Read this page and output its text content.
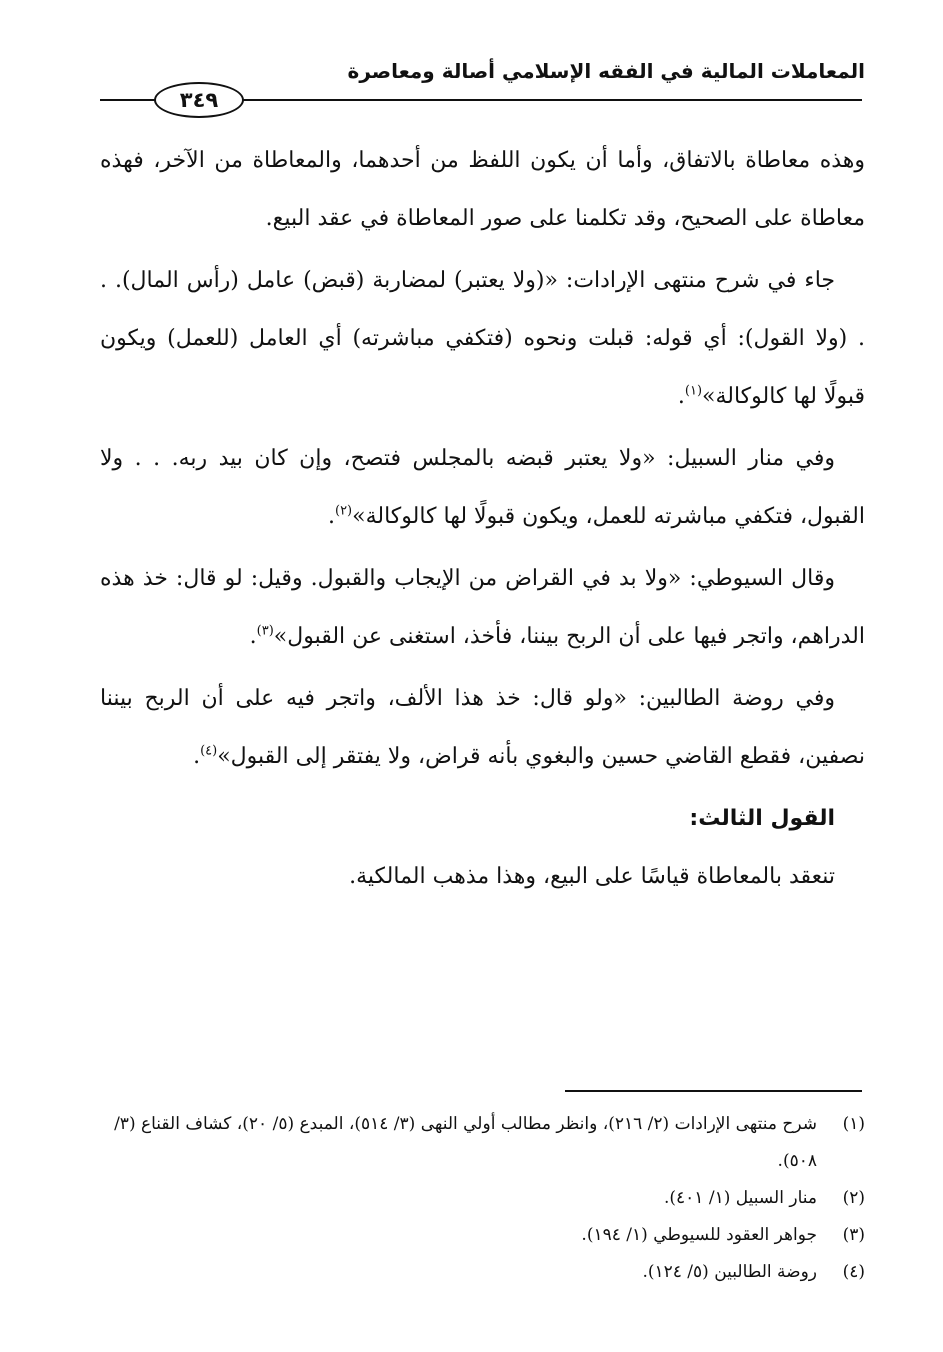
المعاملات المالية في الفقه الإسلامي أصالة ومعاصرة
٣٤٩

وهذه معاطاة بالاتفاق، وأما أن يكون اللفظ من أحدهما، والمعاطاة من الآخر، فهذه معاطاة على الصحيح، وقد تكلمنا على صور المعاطاة في عقد البيع.

جاء في شرح منتهى الإرادات: «(ولا يعتبر) لمضاربة (قبض) عامل (رأس المال). . . (ولا القول): أي قوله: قبلت ونحوه (فتكفي مباشرته) أي العامل (للعمل) ويكون قبولًا لها كالوكالة»$^{(١)}$.

وفي منار السبيل: «ولا يعتبر قبضه بالمجلس فتصح، وإن كان بيد ربه. . . ولا القبول، فتكفي مباشرته للعمل، ويكون قبولًا لها كالوكالة»$^{(٢)}$.

وقال السيوطي: «ولا بد في القراض من الإيجاب والقبول. وقيل: لو قال: خذ هذه الدراهم، واتجر فيها على أن الربح بيننا، فأخذ، استغنى عن القبول»$^{(٣)}$.

وفي روضة الطالبين: «ولو قال: خذ هذا الألف، واتجر فيه على أن الربح بيننا نصفين، فقطع القاضي حسين والبغوي بأنه قراض، ولا يفتقر إلى القبول»$^{(٤)}$.

القول الثالث:

تنعقد بالمعاطاة قياسًا على البيع، وهذا مذهب المالكية.

(١)
شرح منتهى الإرادات (٢/ ٢١٦)، وانظر مطالب أولي النهى (٣/ ٥١٤)، المبدع (٥/ ٢٠)، كشاف القناع (٣/ ٥٠٨).

(٢)
منار السبيل (١/ ٤٠١).

(٣)
جواهر العقود للسيوطي (١/ ١٩٤).

(٤)
روضة الطالبين (٥/ ١٢٤).
